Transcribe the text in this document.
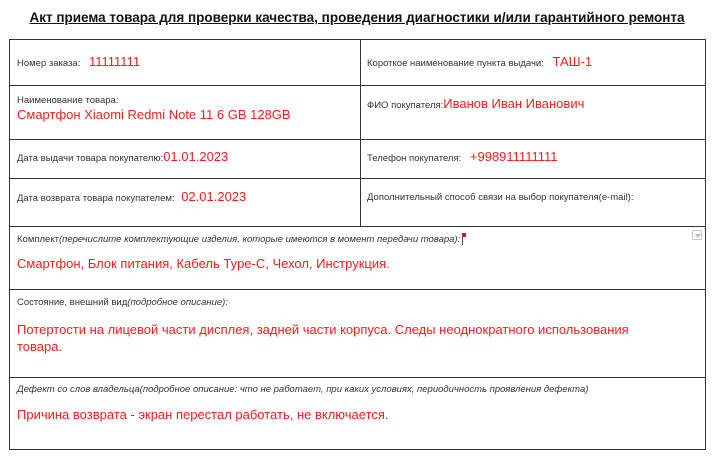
Акт приема товара для проверки качества, проведения диагностики и/или гарантийного ремонта
Номер заказа: 11111111	Короткое наименование пункта выдачи: ТАШ-1
Наименование товара:
Смартфон Xiaomi Redmi Note 11 6 GB 128GB
ФИО покупателя:Иванов Иван Иванович
Дата выдачи товара покупателю:01.01.2023	Телефон покупателя: +998911111111
Дата возврата товара покупателем: 02.01.2023	Дополнительный способ связи на выбор покупателя(e-mail):
Комплект(перечислите комплектующие изделия, которые имеются в момент передачи товара):
Смартфон, Блок питания, Кабель Type-C, Чехол, Инструкция.
Состояние, внешний вид(подробное описание):
Потертости на лицевой части дисплея, задней части корпуса. Следы неоднократного использования товара.
Дефект со слов владельца(подробное описание: что не работает, при каких условиях, периодичность проявления дефекта)
Причина возврата - экран перестал работать, не включается.
